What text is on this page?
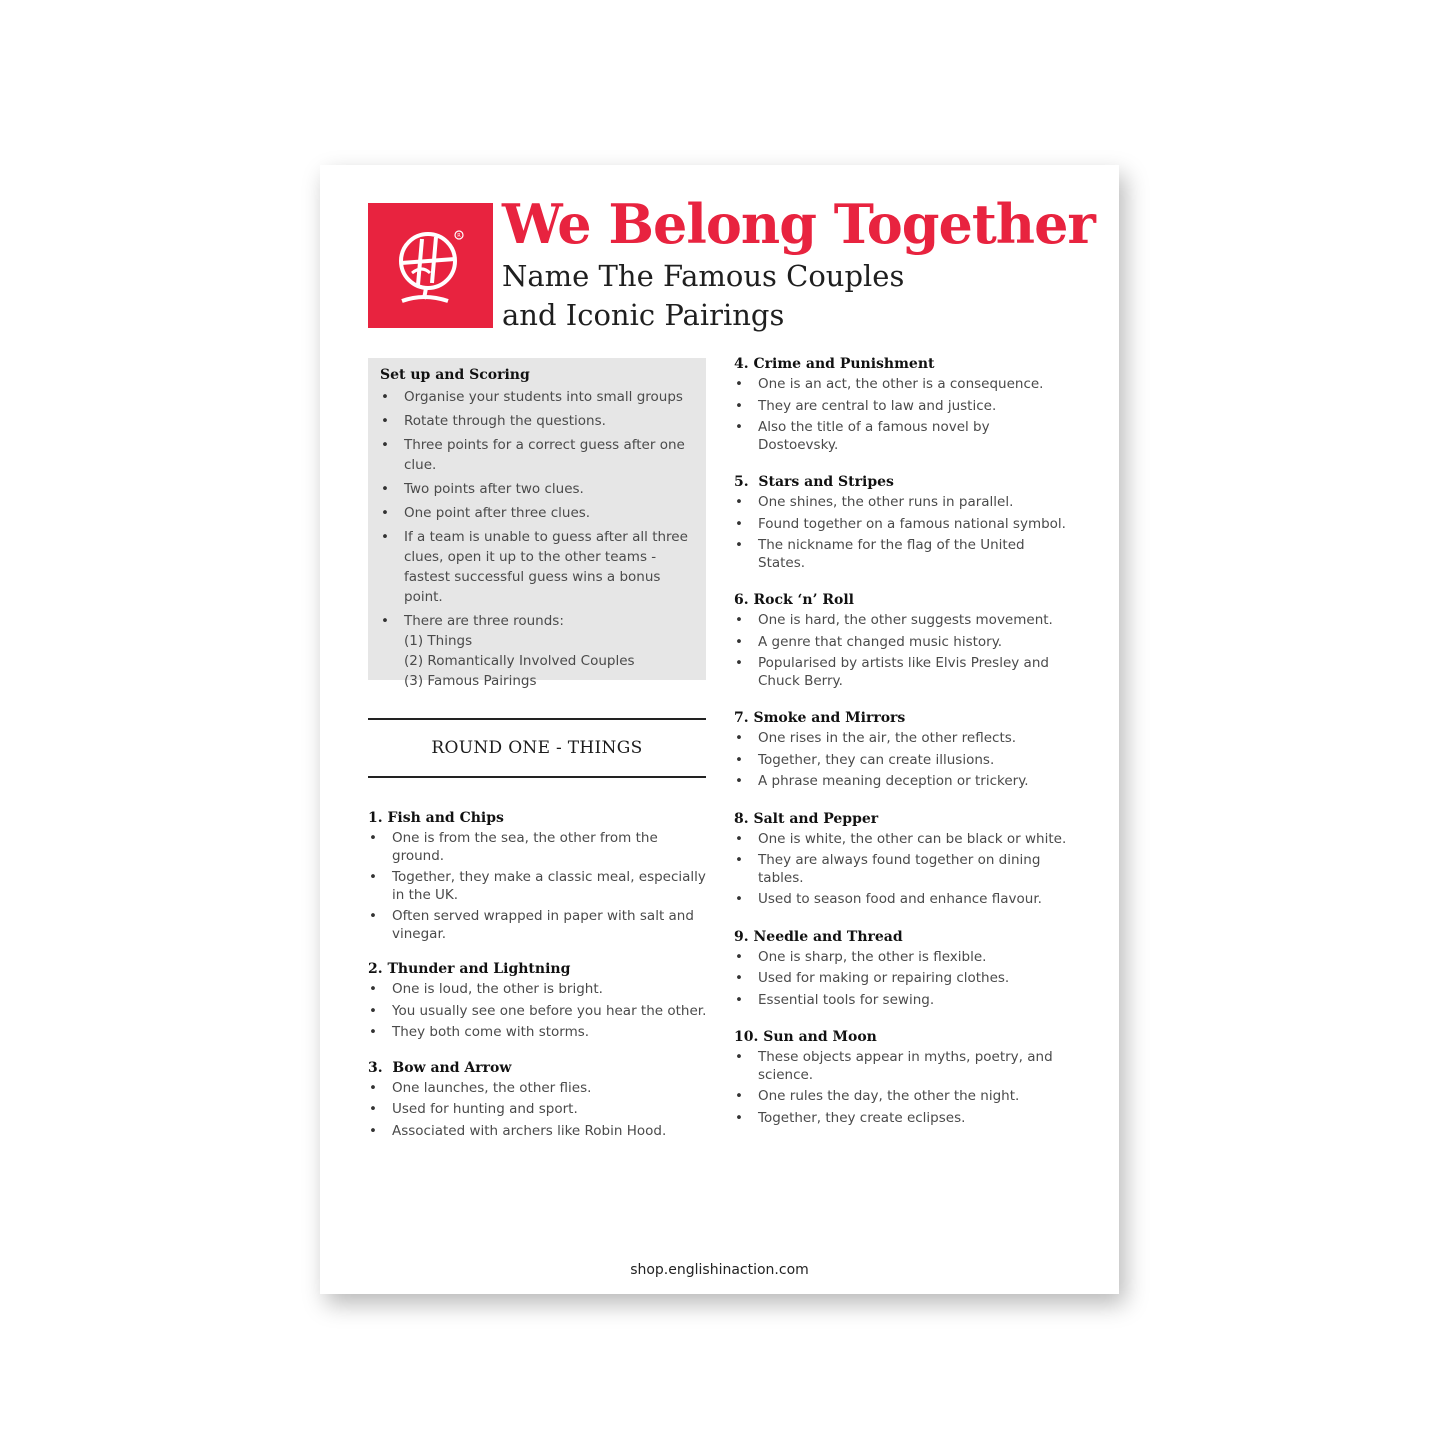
R We Belong Together
Name The Famous Couples
and Iconic Pairings
Set up and Scoring
• Organise your students into small groups
• Rotate through the questions.
• Three points for a correct guess after one clue.
• Two points after two clues.
• One point after three clues.
• If a team is unable to guess after all three clues, open it up to the other teams - fastest successful guess wins a bonus point.
• There are three rounds:
(1) Things
(2) Romantically Involved Couples
(3) Famous Pairings
ROUND ONE - THINGS
1. Fish and Chips
• One is from the sea, the other from the ground.
• Together, they make a classic meal, especially in the UK.
• Often served wrapped in paper with salt and vinegar.
2. Thunder and Lightning
• One is loud, the other is bright.
• You usually see one before you hear the other.
• They both come with storms.
3.  Bow and Arrow
• One launches, the other flies.
• Used for hunting and sport.
• Associated with archers like Robin Hood.
4. Crime and Punishment
• One is an act, the other is a consequence.
• They are central to law and justice.
• Also the title of a famous novel by Dostoevsky.
5.  Stars and Stripes
• One shines, the other runs in parallel.
• Found together on a famous national symbol.
• The nickname for the flag of the United States.
6. Rock ‘n’ Roll
• One is hard, the other suggests movement.
• A genre that changed music history.
• Popularised by artists like Elvis Presley and Chuck Berry.
7. Smoke and Mirrors
• One rises in the air, the other reflects.
• Together, they can create illusions.
• A phrase meaning deception or trickery.
8. Salt and Pepper
• One is white, the other can be black or white.
• They are always found together on dining tables.
• Used to season food and enhance flavour.
9. Needle and Thread
• One is sharp, the other is flexible.
• Used for making or repairing clothes.
• Essential tools for sewing.
10. Sun and Moon
• These objects appear in myths, poetry, and science.
• One rules the day, the other the night.
• Together, they create eclipses.
shop.englishinaction.com
